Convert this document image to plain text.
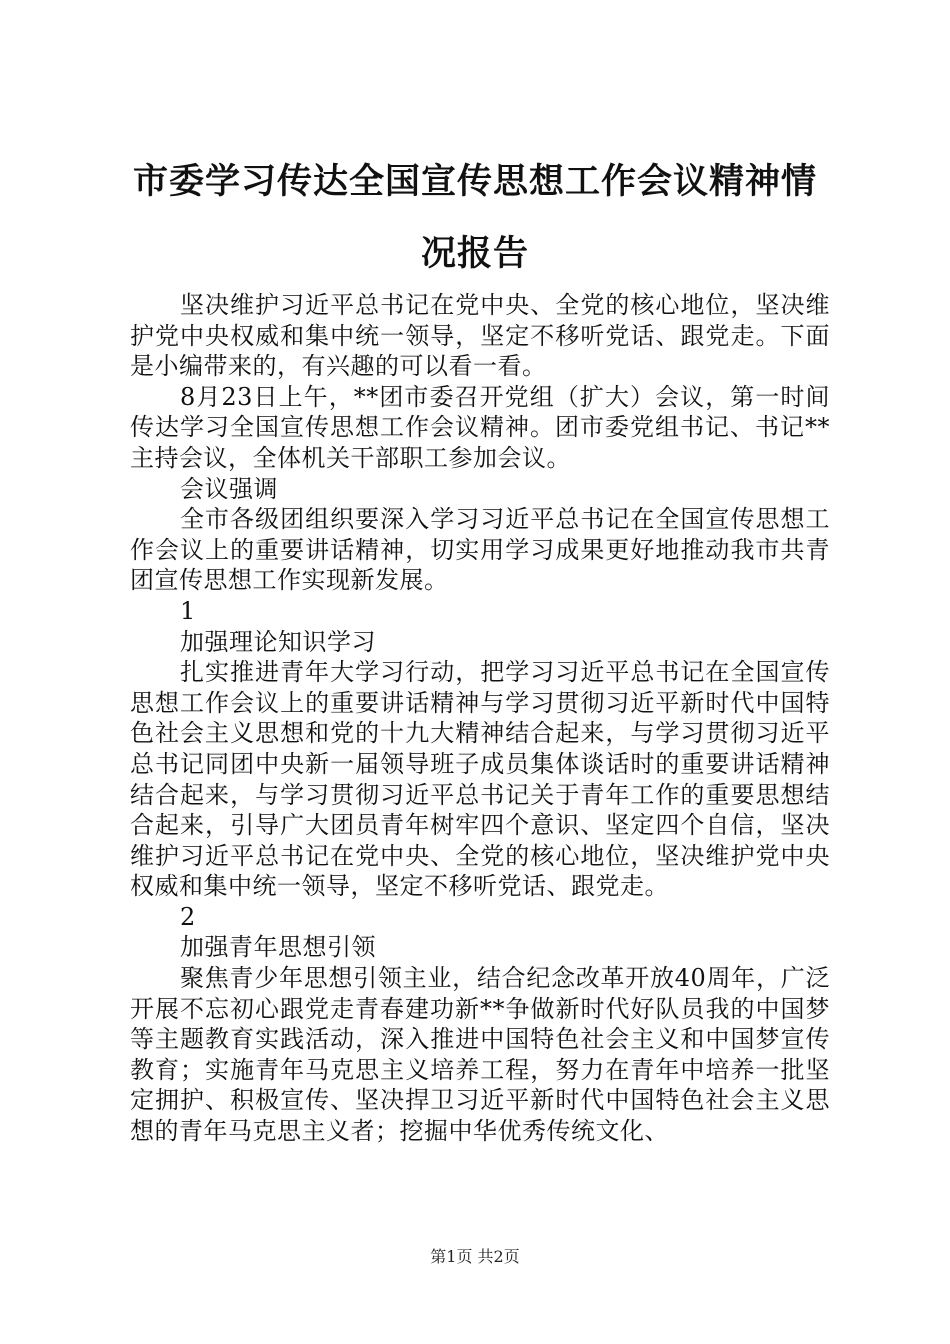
市委学习传达全国宣传思想工作会议精神情况报告

坚决维护习近平总书记在党中央、全党的核心地位，坚决维护党中央权威和集中统一领导，坚定不移听党话、跟党走。下面是小编带来的，有兴趣的可以看一看。

8月23日上午，**团市委召开党组（扩大）会议，第一时间传达学习全国宣传思想工作会议精神。团市委党组书记、书记**主持会议，全体机关干部职工参加会议。

会议强调

全市各级团组织要深入学习习近平总书记在全国宣传思想工作会议上的重要讲话精神，切实用学习成果更好地推动我市共青团宣传思想工作实现新发展。

1

加强理论知识学习

扎实推进青年大学习行动，把学习习近平总书记在全国宣传思想工作会议上的重要讲话精神与学习贯彻习近平新时代中国特色社会主义思想和党的十九大精神结合起来，与学习贯彻习近平总书记同团中央新一届领导班子成员集体谈话时的重要讲话精神结合起来，与学习贯彻习近平总书记关于青年工作的重要思想结合起来，引导广大团员青年树牢四个意识、坚定四个自信，坚决维护习近平总书记在党中央、全党的核心地位，坚决维护党中央权威和集中统一领导，坚定不移听党话、跟党走。

2

加强青年思想引领

聚焦青少年思想引领主业，结合纪念改革开放40周年，广泛开展不忘初心跟党走青春建功新**争做新时代好队员我的中国梦等主题教育实践活动，深入推进中国特色社会主义和中国梦宣传教育；实施青年马克思主义培养工程，努力在青年中培养一批坚定拥护、积极宣传、坚决捍卫习近平新时代中国特色社会主义思想的青年马克思主义者；挖掘中华优秀传统文化、

第1页 共2页
